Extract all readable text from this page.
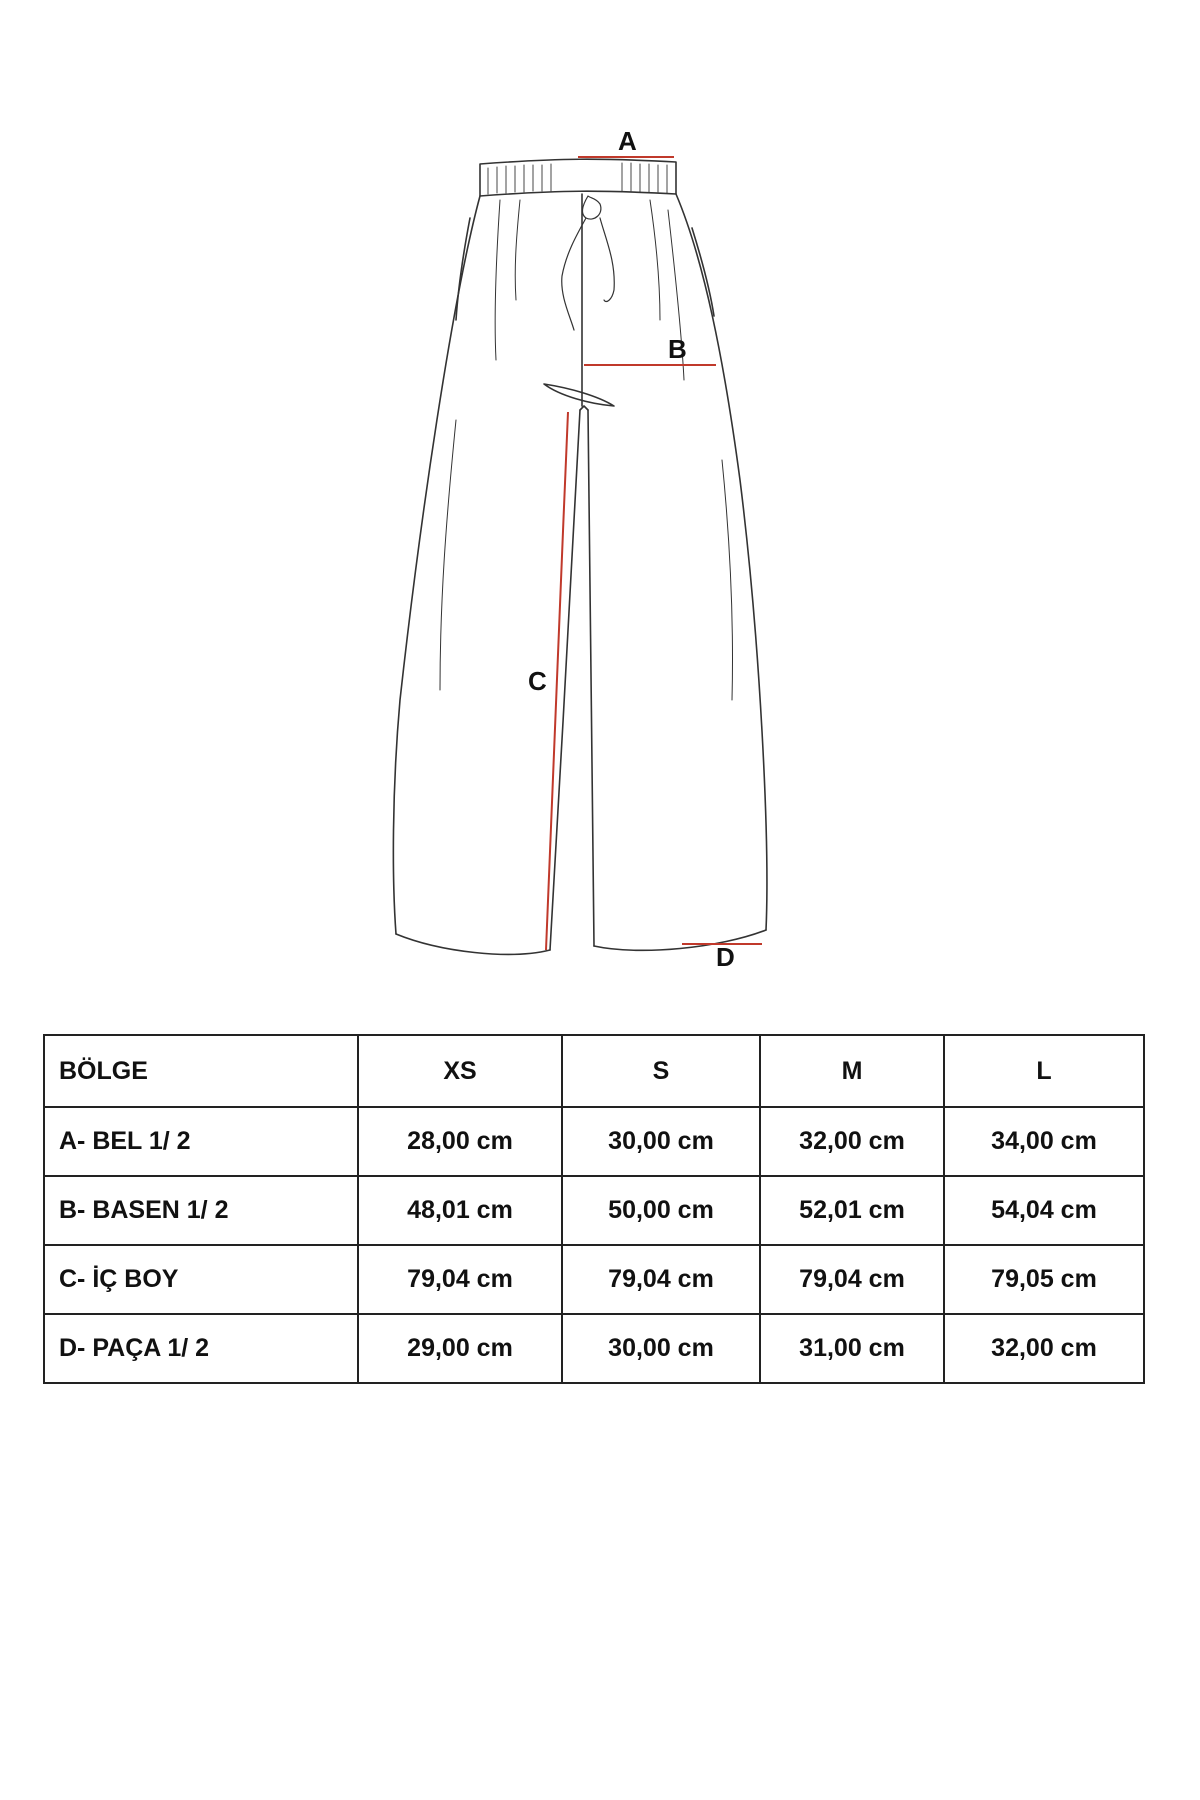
A
B
C
D
BÖLGE	XS	S	M	L
A- BEL 1/ 2	28,00 cm	30,00 cm	32,00 cm	34,00 cm
B- BASEN 1/ 2	48,01 cm	50,00 cm	52,01 cm	54,04 cm
C- İÇ BOY	79,04 cm	79,04 cm	79,04 cm	79,05 cm
D- PAÇA 1/ 2	29,00 cm	30,00 cm	31,00 cm	32,00 cm
